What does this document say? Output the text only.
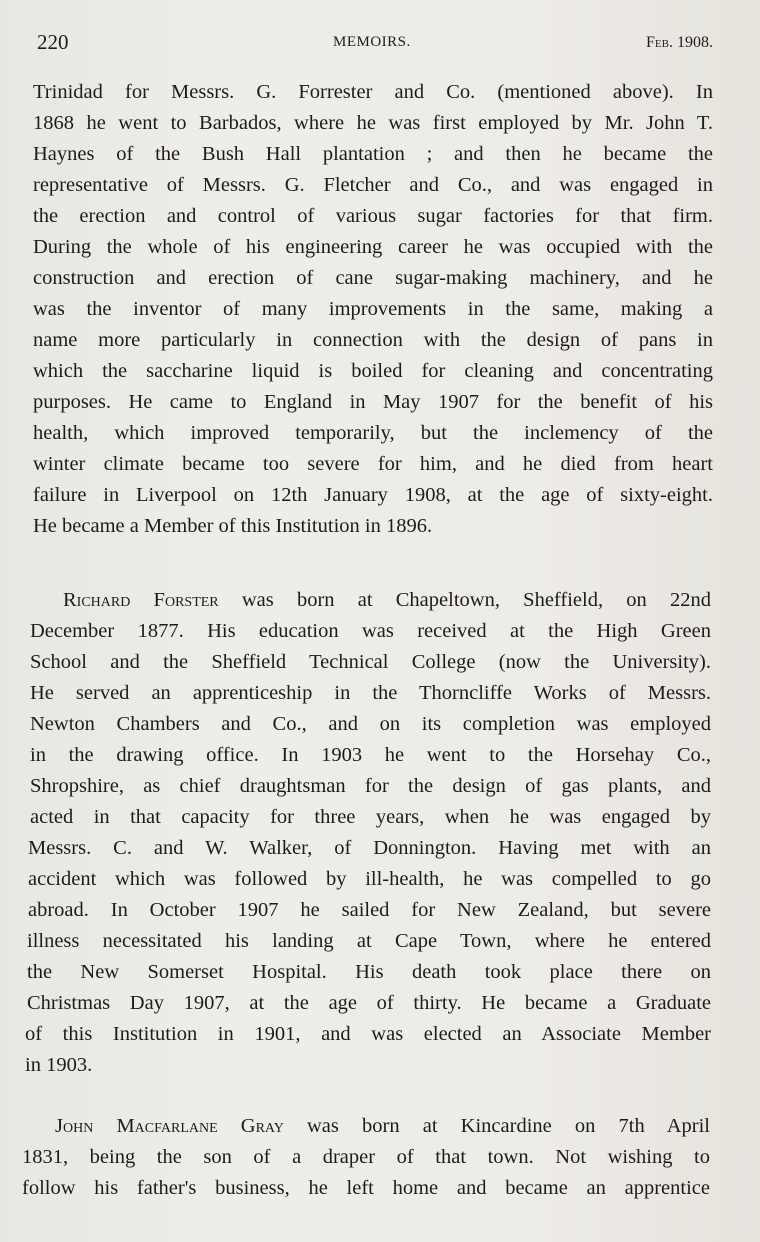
220	MEMOIRS.	Feb. 1908.
Trinidad for Messrs. G. Forrester and Co. (mentioned above). In
1868 he went to Barbados, where he was first employed by Mr. John T.
Haynes of the Bush Hall plantation ; and then he became the
representative of Messrs. G. Fletcher and Co., and was engaged in
the erection and control of various sugar factories for that firm.
During the whole of his engineering career he was occupied with the
construction and erection of cane sugar-making machinery, and he
was the inventor of many improvements in the same, making a
name more particularly in connection with the design of pans in
which the saccharine liquid is boiled for cleaning and concentrating
purposes. He came to England in May 1907 for the benefit of his
health, which improved temporarily, but the inclemency of the
winter climate became too severe for him, and he died from heart
failure in Liverpool on 12th January 1908, at the age of sixty-eight.
He became a Member of this Institution in 1896.
Richard Forster was born at Chapeltown, Sheffield, on 22nd
December 1877. His education was received at the High Green
School and the Sheffield Technical College (now the University).
He served an apprenticeship in the Thorncliffe Works of Messrs.
Newton Chambers and Co., and on its completion was employed
in the drawing office. In 1903 he went to the Horsehay Co.,
Shropshire, as chief draughtsman for the design of gas plants, and
acted in that capacity for three years, when he was engaged by
Messrs. C. and W. Walker, of Donnington. Having met with an
accident which was followed by ill-health, he was compelled to go
abroad. In October 1907 he sailed for New Zealand, but severe
illness necessitated his landing at Cape Town, where he entered
the New Somerset Hospital. His death took place there on
Christmas Day 1907, at the age of thirty. He became a Graduate
of this Institution in 1901, and was elected an Associate Member
in 1903.
John Macfarlane Gray was born at Kincardine on 7th April
1831, being the son of a draper of that town. Not wishing to
follow his father's business, he left home and became an apprentice
